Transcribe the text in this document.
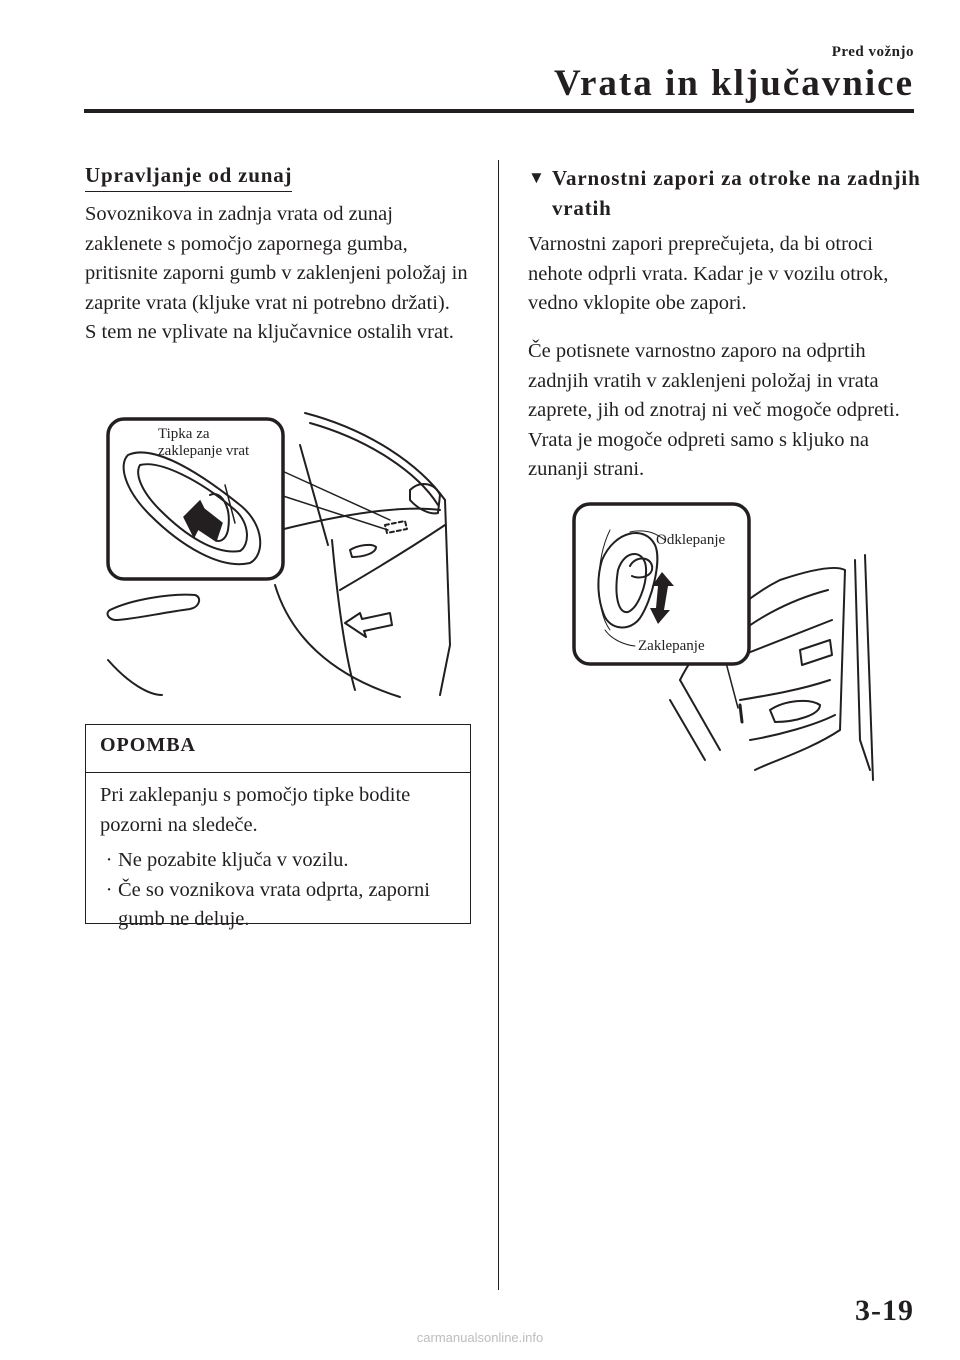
Pred vožnjo
Vrata in ključavnice
Upravljanje od zunaj
Sovoznikova in zadnja vrata od zunaj zaklenete s pomočjo zapornega gumba, pritisnite zaporni gumb v zaklenjeni položaj in zaprite vrata (kljuke vrat ni potrebno držati).
S tem ne vplivate na ključavnice ostalih vrat.
Tipka za
zaklepanje vrat
OPOMBA
Pri zaklepanju s pomočjo tipke bodite pozorni na sledeče.
· Ne pozabite ključa v vozilu.
· Če so voznikova vrata odprta, zaporni gumb ne deluje.
▼ Varnostni zapori za otroke na zadnjih vratih
Varnostni zapori preprečujeta, da bi otroci nehote odprli vrata. Kadar je v vozilu otrok, vedno vklopite obe zapori.
Če potisnete varnostno zaporo na odprtih zadnjih vratih v zaklenjeni položaj in vrata zaprete, jih od znotraj ni več mogoče odpreti. Vrata je mogoče odpreti samo s kljuko na zunanji strani.
Odklepanje
Zaklepanje
3-19
carmanualsonline.info
